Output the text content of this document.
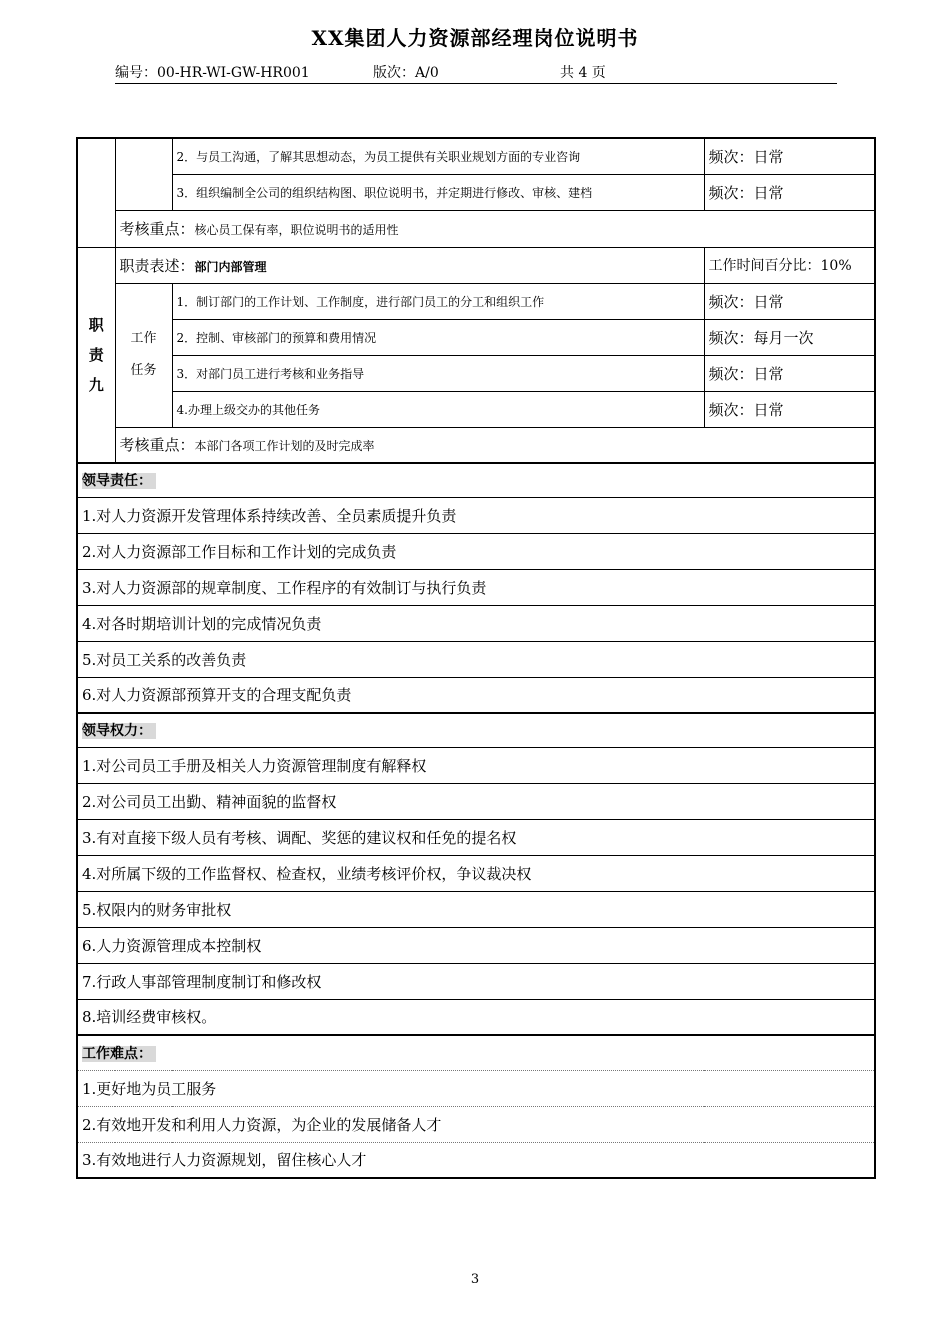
XX集团人力资源部经理岗位说明书
编号：00-HR-WI-GW-HR001	版次：A/0	共 4 页
		2．与员工沟通，了解其思想动态，为员工提供有关职业规划方面的专业咨询	频次：日常
		3．组织编制全公司的组织结构图、职位说明书，并定期进行修改、审核、建档	频次：日常
	考核重点：核心员工保有率，职位说明书的适用性		

职责九	职责表述：部门内部管理		工作时间百分比：10%

	工作任务	1．制订部门的工作计划、工作制度，进行部门员工的分工和组织工作	频次：日常
		2．控制、审核部门的预算和费用情况	频次：每月一次
		3．对部门员工进行考核和业务指导	频次：日常
		4.办理上级交办的其他任务	频次：日常
	考核重点：本部门各项工作计划的及时完成率		
领导责任：			
1.对人力资源开发管理体系持续改善、全员素质提升负责			
2.对人力资源部工作目标和工作计划的完成负责			
3.对人力资源部的规章制度、工作程序的有效制订与执行负责			
4.对各时期培训计划的完成情况负责			
5.对员工关系的改善负责			
6.对人力资源部预算开支的合理支配负责			
领导权力：			
1.对公司员工手册及相关人力资源管理制度有解释权			
2.对公司员工出勤、精神面貌的监督权			
3.有对直接下级人员有考核、调配、奖惩的建议权和任免的提名权			
4.对所属下级的工作监督权、检查权，业绩考核评价权，争议裁决权			
5.权限内的财务审批权			
6.人力资源管理成本控制权			
7.行政人事部管理制度制订和修改权			
8.培训经费审核权。			
工作难点：			
1.更好地为员工服务			
2.有效地开发和利用人力资源，为企业的发展储备人才			
3.有效地进行人力资源规划，留住核心人才			
3
